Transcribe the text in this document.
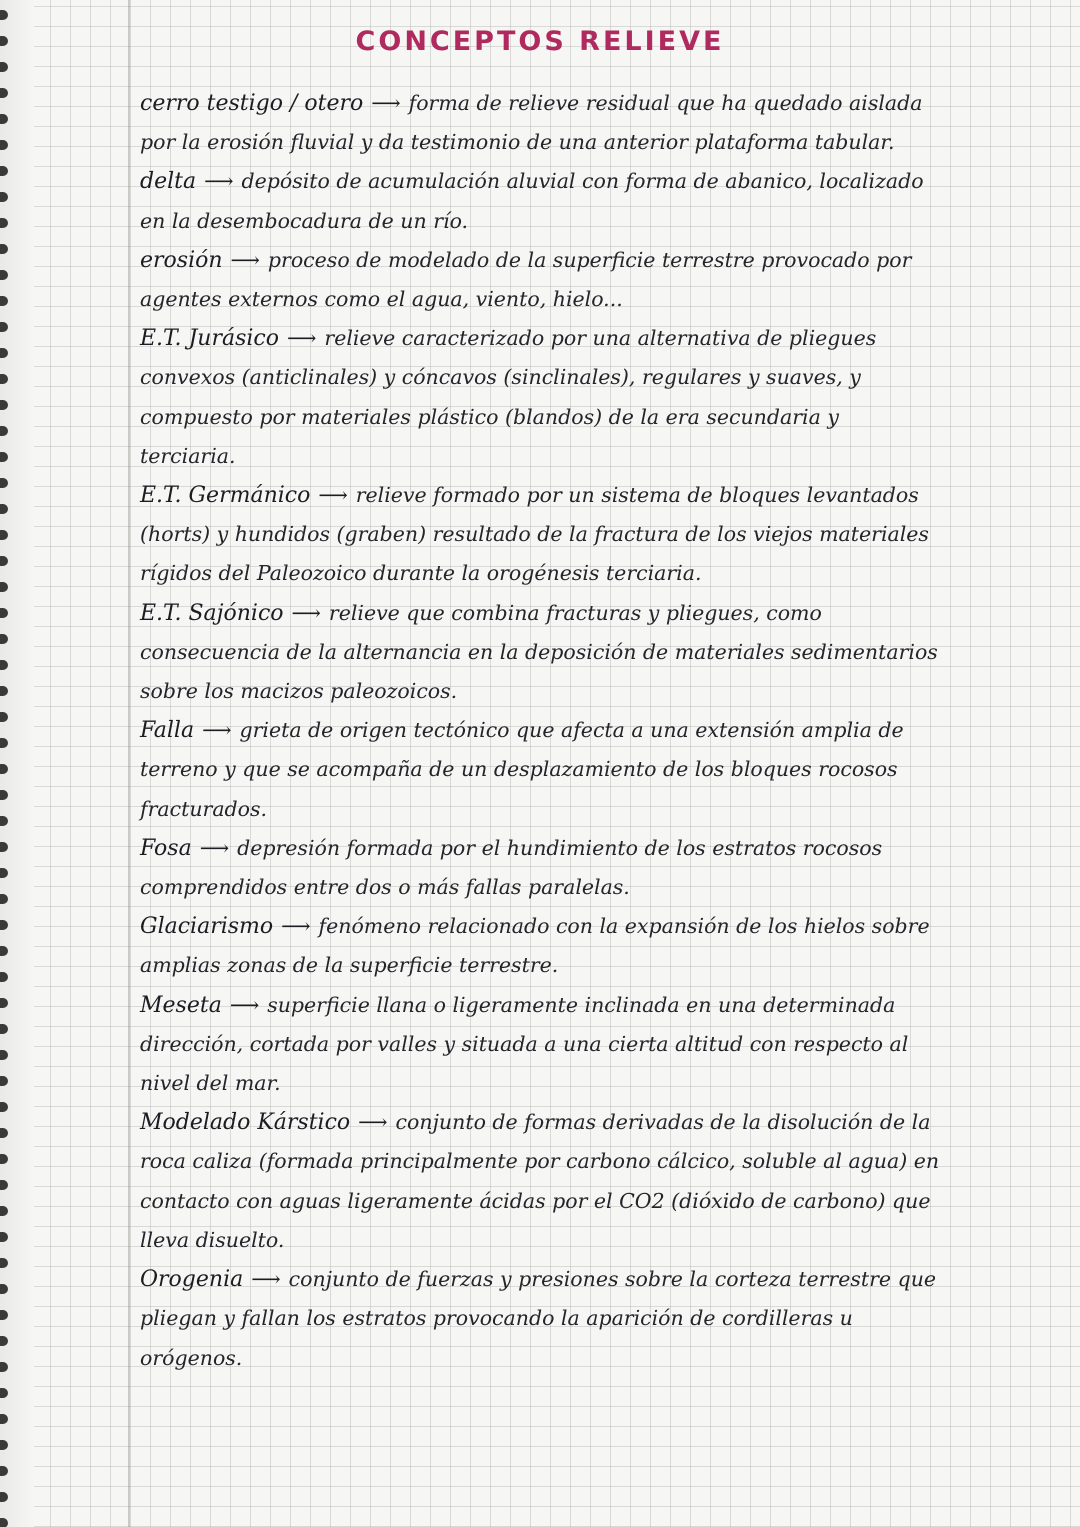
CONCEPTOS RELIEVE

cerro testigo / otero ⟶ forma de relieve residual que ha quedado aislada por la erosión fluvial y da testimonio de una anterior plataforma tabular.

delta ⟶ depósito de acumulación aluvial con forma de abanico, localizado en la desembocadura de un río.

erosión ⟶ proceso de modelado de la superficie terrestre provocado por agentes externos como el agua, viento, hielo...

E.T. Jurásico ⟶ relieve caracterizado por una alternativa de pliegues convexos (anticlinales) y cóncavos (sinclinales), regulares y suaves, y compuesto por materiales plástico (blandos) de la era secundaria y terciaria.

E.T. Germánico ⟶ relieve formado por un sistema de bloques levantados (horts) y hundidos (graben) resultado de la fractura de los viejos materiales rígidos del Paleozoico durante la orogénesis terciaria.

E.T. Sajónico ⟶ relieve que combina fracturas y pliegues, como consecuencia de la alternancia en la deposición de materiales sedimentarios sobre los macizos paleozoicos.

Falla ⟶ grieta de origen tectónico que afecta a una extensión amplia de terreno y que se acompaña de un desplazamiento de los bloques rocosos fracturados.

Fosa ⟶ depresión formada por el hundimiento de los estratos rocosos comprendidos entre dos o más fallas paralelas.

Glaciarismo ⟶ fenómeno relacionado con la expansión de los hielos sobre amplias zonas de la superficie terrestre.

Meseta ⟶ superficie llana o ligeramente inclinada en una determinada dirección, cortada por valles y situada a una cierta altitud con respecto al nivel del mar.

Modelado Kárstico ⟶ conjunto de formas derivadas de la disolución de la roca caliza (formada principalmente por carbono cálcico, soluble al agua) en contacto con aguas ligeramente ácidas por el CO2 (dióxido de carbono) que lleva disuelto.

Orogenia ⟶ conjunto de fuerzas y presiones sobre la corteza terrestre que pliegan y fallan los estratos provocando la aparición de cordilleras u orógenos.
